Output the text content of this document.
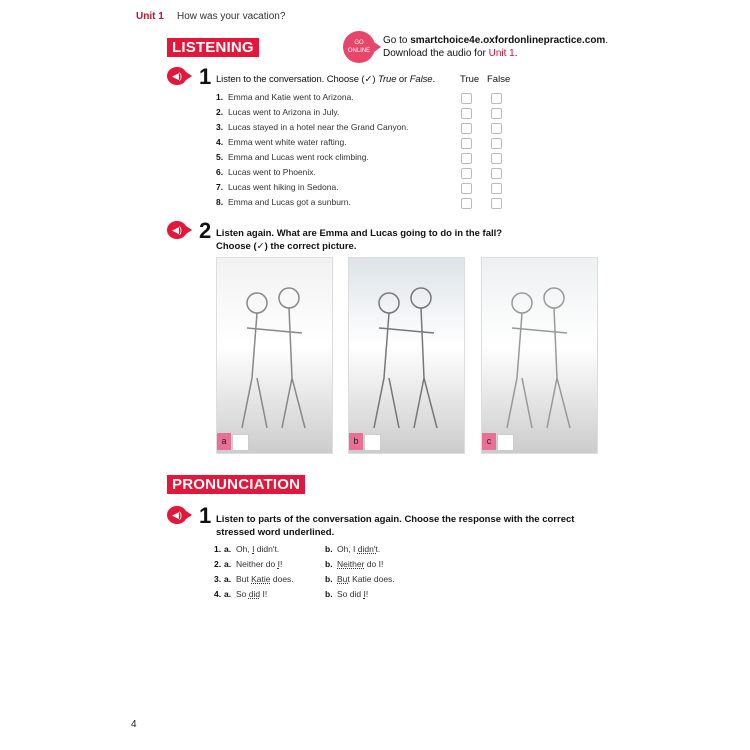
Unit 1 How was your vacation?
LISTENING	GO
ONLINE
Go to smartchoice4e.oxfordonlinepractice.com.
Download the audio for Unit 1.
◀) 1 Listen to the conversation. Choose (✓) True or False.	True False
◀) 2 Listen again. What are Emma and Lucas going to do in the fall?
Choose (✓) the correct picture.
PRONUNCIATION
◀) 1 Listen to parts of the conversation again. Choose the response with the correct
stressed word underlined.
4
1. Emma and Katie went to Arizona.
2. Lucas went to Arizona in July.
3. Lucas stayed in a hotel near the Grand Canyon.
4. Emma went white water rafting.
5. Emma and Lucas went rock climbing.
6. Lucas went to Phoenix.
7. Lucas went hiking in Sedona.
8. Emma and Lucas got a sunburn.
a	b	c
1. a. Oh, I didn't.	b. Oh, I didn't.
2. a. Neither do I!	b. Neither do I!
3. a. But Katie does.	b. But Katie does.
4. a. So did I!	b. So did I!
